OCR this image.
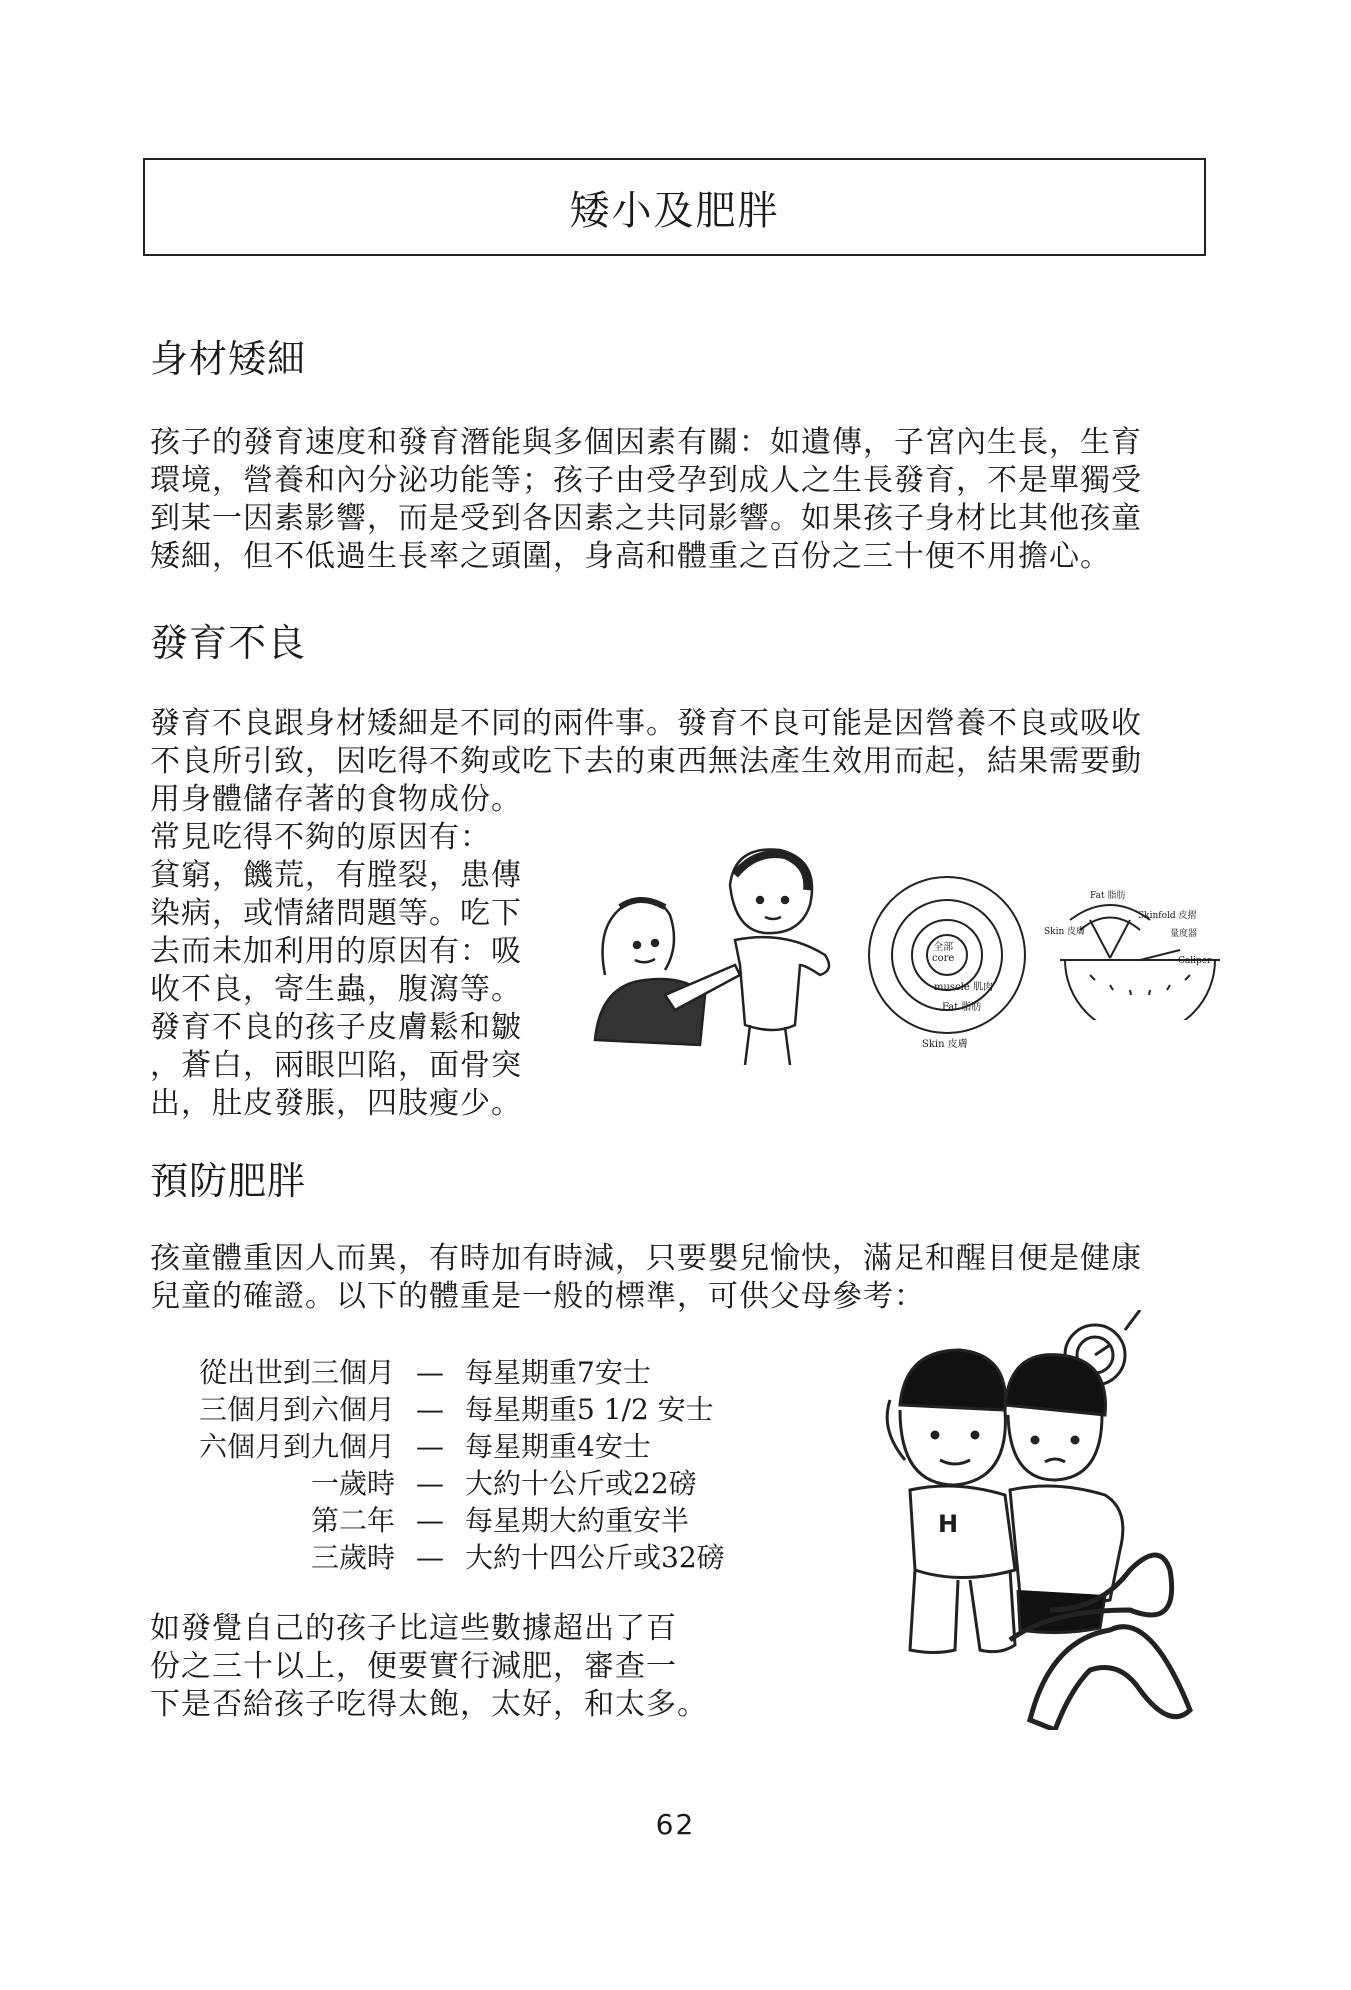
矮小及肥胖
身材矮細
孩子的發育速度和發育潛能與多個因素有關：如遺傳，子宮內生長，生育
環境，營養和內分泌功能等；孩子由受孕到成人之生長發育，不是單獨受
到某一因素影響，而是受到各因素之共同影響。如果孩子身材比其他孩童
矮細，但不低過生長率之頭圍，身高和體重之百份之三十便不用擔心。
發育不良
發育不良跟身材矮細是不同的兩件事。發育不良可能是因營養不良或吸收
不良所引致，因吃得不夠或吃下去的東西無法產生效用而起，結果需要動
用身體儲存著的食物成份。
常見吃得不夠的原因有：
貧窮，饑荒，有膛裂，患傳
染病，或情緒問題等。吃下
去而未加利用的原因有：吸
收不良，寄生蟲，腹瀉等。
發育不良的孩子皮膚鬆和皺
，蒼白，兩眼凹陷，面骨突
出，肚皮發脹，四肢瘦少。
全部
core
muscle 肌肉
Fat 脂肪
Skin 皮膚
Fat 脂肪
Skin 皮膚
Skinfold 皮摺
量度器
Caliper
預防肥胖
孩童體重因人而異，有時加有時減，只要嬰兒愉快，滿足和醒目便是健康
兒童的確證。以下的體重是一般的標準，可供父母參考：
從出世到三個月 — 每星期重7安士
三個月到六個月 — 每星期重5 1/2 安士
六個月到九個月 — 每星期重4安士
一歲時 — 大約十公斤或22磅
第二年 — 每星期大約重安半
三歲時 — 大約十四公斤或32磅
如發覺自己的孩子比這些數據超出了百
份之三十以上，便要實行減肥，審查一
下是否給孩子吃得太飽，太好，和太多。
H
62
